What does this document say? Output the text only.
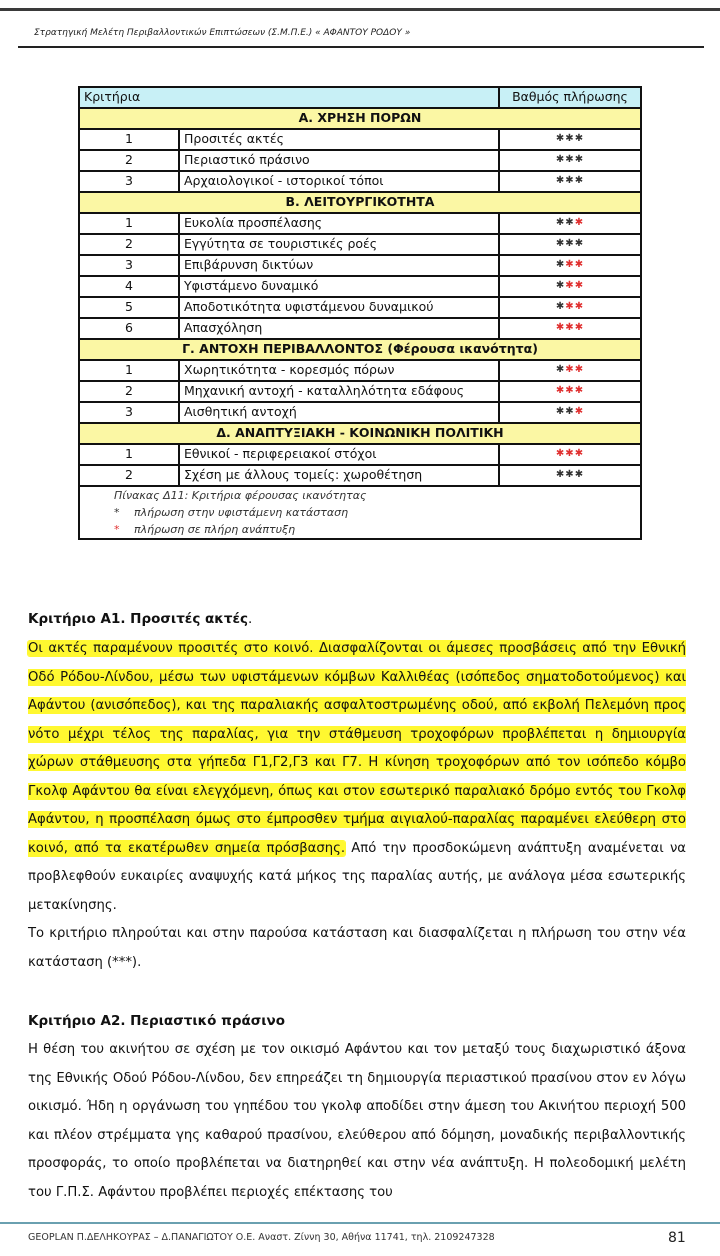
Στρατηγική Μελέτη Περιβαλλοντικών Επιπτώσεων (Σ.Μ.Π.Ε.) « ΑΦΑΝΤΟΥ ΡΟΔΟΥ »
Κριτήρια		Βαθμός πλήρωσης
Α. ΧΡΗΣΗ ΠΟΡΩΝ		
1	Προσιτές ακτές	✱✱✱
2	Περιαστικό πράσινο	✱✱✱
3	Αρχαιολογικοί - ιστορικοί τόποι	✱✱✱
Β. ΛΕΙΤΟΥΡΓΙΚΟΤΗΤΑ		
1	Ευκολία προσπέλασης	✱✱✱
2	Εγγύτητα σε τουριστικές ροές	✱✱✱
3	Επιβάρυνση δικτύων	✱✱✱
4	Υφιστάμενο δυναμικό	✱✱✱
5	Αποδοτικότητα υφιστάμενου δυναμικού	✱✱✱
6	Απασχόληση	✱✱✱
Γ. ΑΝΤΟΧΗ ΠΕΡΙΒΑΛΛΟΝΤΟΣ (Φέρουσα ικανότητα)		
1	Χωρητικότητα - κορεσμός πόρων	✱✱✱
2	Μηχανική αντοχή - καταλληλότητα εδάφους	✱✱✱
3	Αισθητική αντοχή	✱✱✱
Δ. ΑΝΑΠΤΥΞΙΑΚΗ - ΚΟΙΝΩΝΙΚΗ ΠΟΛΙΤΙΚΗ		
1	Εθνικοί - περιφερειακοί στόχοι	✱✱✱
2	Σχέση με άλλους τομείς: χωροθέτηση	✱✱✱

Πίνακας Δ11: Κριτήρια φέρουσας ικανότητας
* πλήρωση στην υφιστάμενη κατάσταση
* πλήρωση σε πλήρη ανάπτυξη		
Κριτήριο Α1. Προσιτές ακτές.
Οι ακτές παραμένουν προσιτές στο κοινό. Διασφαλίζονται οι άμεσες προσβάσεις από την Εθνική Οδό Ρόδου-Λίνδου, μέσω των υφιστάμενων κόμβων Καλλιθέας (ισόπεδος σηματοδοτούμενος) και Αφάντου (ανισόπεδος), και της παραλιακής ασφαλτοστρωμένης οδού, από εκβολή Πελεμόνη προς νότο μέχρι τέλος της παραλίας, για την στάθμευση τροχοφόρων προβλέπεται η δημιουργία χώρων στάθμευσης στα γήπεδα Γ1,Γ2,Γ3 και Γ7. Η κίνηση τροχοφόρων από τον ισόπεδο κόμβο Γκολφ Αφάντου θα είναι ελεγχόμενη, όπως και στον εσωτερικό παραλιακό δρόμο εντός του Γκολφ Αφάντου, η προσπέλαση όμως στο έμπροσθεν τμήμα αιγιαλού-παραλίας παραμένει ελεύθερη στο κοινό, από τα εκατέρωθεν σημεία πρόσβασης. Από την προσδοκώμενη ανάπτυξη αναμένεται να προβλεφθούν ευκαιρίες αναψυχής κατά μήκος της παραλίας αυτής, με ανάλογα μέσα εσωτερικής μετακίνησης.
Το κριτήριο πληρούται και στην παρούσα κατάσταση και διασφαλίζεται η πλήρωση του στην νέα κατάσταση (***).
Κριτήριο Α2. Περιαστικό πράσινο
Η θέση του ακινήτου σε σχέση με τον οικισμό Αφάντου και τον μεταξύ τους διαχωριστικό άξονα της Εθνικής Οδού Ρόδου-Λίνδου, δεν επηρεάζει τη δημιουργία περιαστικού πρασίνου στον εν λόγω οικισμό. Ήδη η οργάνωση του γηπέδου του γκολφ αποδίδει στην άμεση του Ακινήτου περιοχή 500 και πλέον στρέμματα γης καθαρού πρασίνου, ελεύθερου από δόμηση, μοναδικής περιβαλλοντικής προσφοράς, το οποίο προβλέπεται να διατηρηθεί και στην νέα ανάπτυξη. Η πολεοδομική μελέτη του Γ.Π.Σ. Αφάντου προβλέπει περιοχές επέκτασης του
GEOPLAN Π.ΔΕΛΗΚΟΥΡΑΣ – Δ.ΠΑΝΑΓΙΩΤΟΥ Ο.Ε. Αναστ. Ζίννη 30, Αθήνα 11741, τηλ. 2109247328	81
